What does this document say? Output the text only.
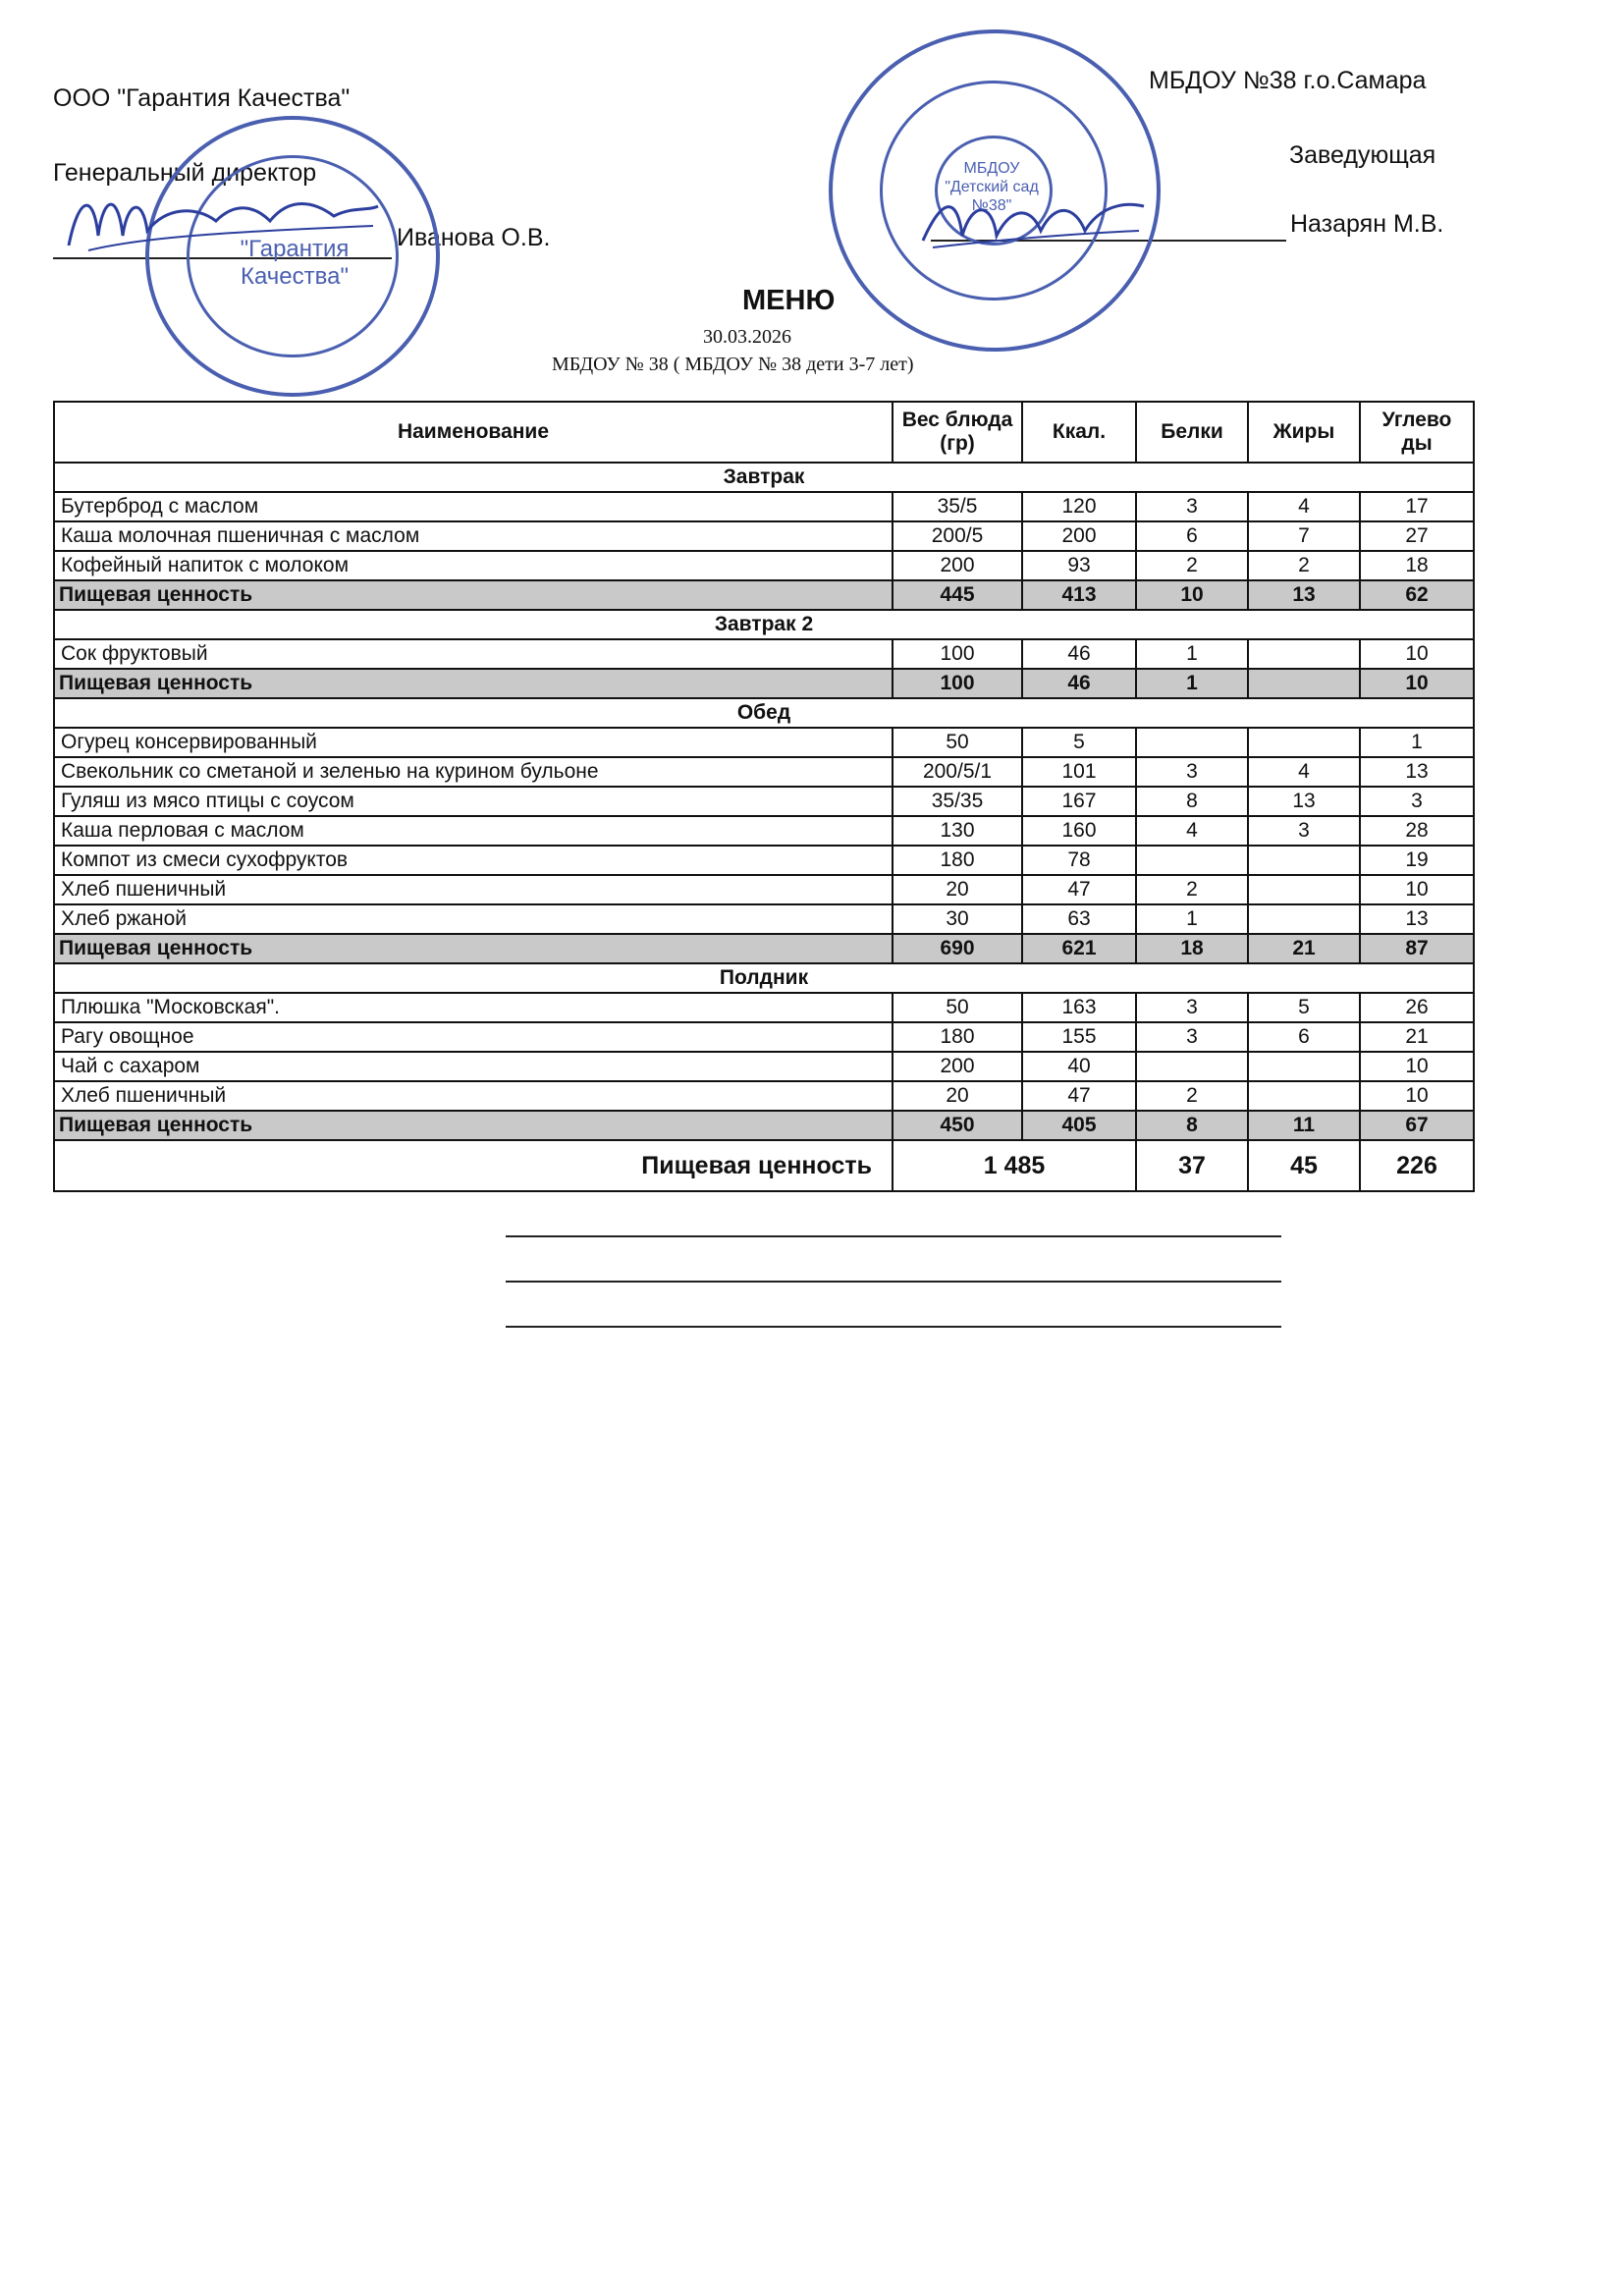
ООО "Гарантия Качества"
Генеральный директор
Иванова О.В.
"Гарантия
Качества"
МБДОУ №38 г.о.Самара
Заведующая
Назарян М.В.
МБДОУ
"Детский сад
№38"
МЕНЮ
30.03.2026
МБДОУ № 38 ( МБДОУ № 38 дети 3-7 лет)
Наименование	Вес блюда (гр)	Ккал.	Белки	Жиры	Углево ды
Завтрак					
Бутерброд с маслом	35/5	120	3	4	17
Каша молочная пшеничная с маслом	200/5	200	6	7	27
Кофейный напиток с молоком	200	93	2	2	18
Пищевая ценность	445	413	10	13	62
Завтрак 2					
Сок фруктовый	100	46	1		10
Пищевая ценность	100	46	1		10
Обед					
Огурец консервированный	50	5			1
Свекольник со сметаной и зеленью на курином бульоне	200/5/1	101	3	4	13
Гуляш из мясо птицы с соусом	35/35	167	8	13	3
Каша перловая с маслом	130	160	4	3	28
Компот из смеси сухофруктов	180	78			19
Хлеб пшеничный	20	47	2		10
Хлеб ржаной	30	63	1		13
Пищевая ценность	690	621	18	21	87
Полдник					
Плюшка "Московская".	50	163	3	5	26
Рагу овощное	180	155	3	6	21
Чай с сахаром	200	40			10
Хлеб пшеничный	20	47	2		10
Пищевая ценность	450	405	8	11	67
Пищевая ценность	1 485		37	45	226
